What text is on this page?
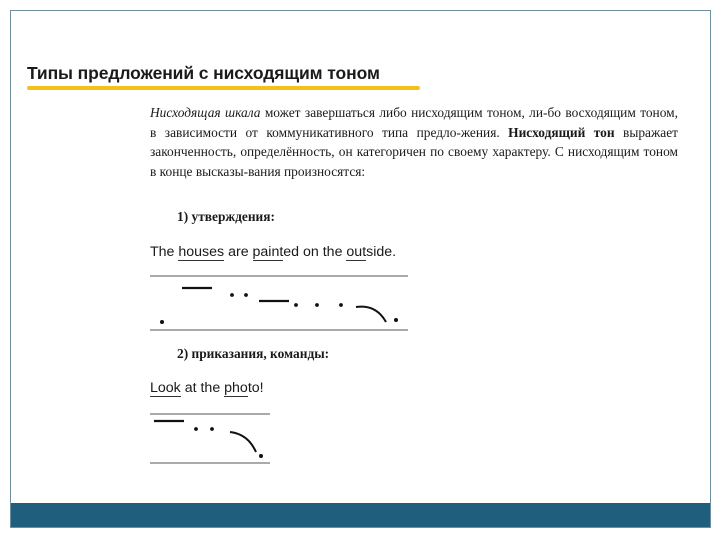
Типы предложений с нисходящим тоном

Нисходящая шкала может завершаться либо нисходящим тоном, ли-бо восходящим тоном, в зависимости от коммуникативного типа предло-жения. Нисходящий тон выражает законченность, определённость, он категоричен по своему характеру. С нисходящим тоном в конце высказы-вания произносятся:

1) утверждения:
The houses are painted on the outside.
2) приказания, команды:
Look at the photo!
